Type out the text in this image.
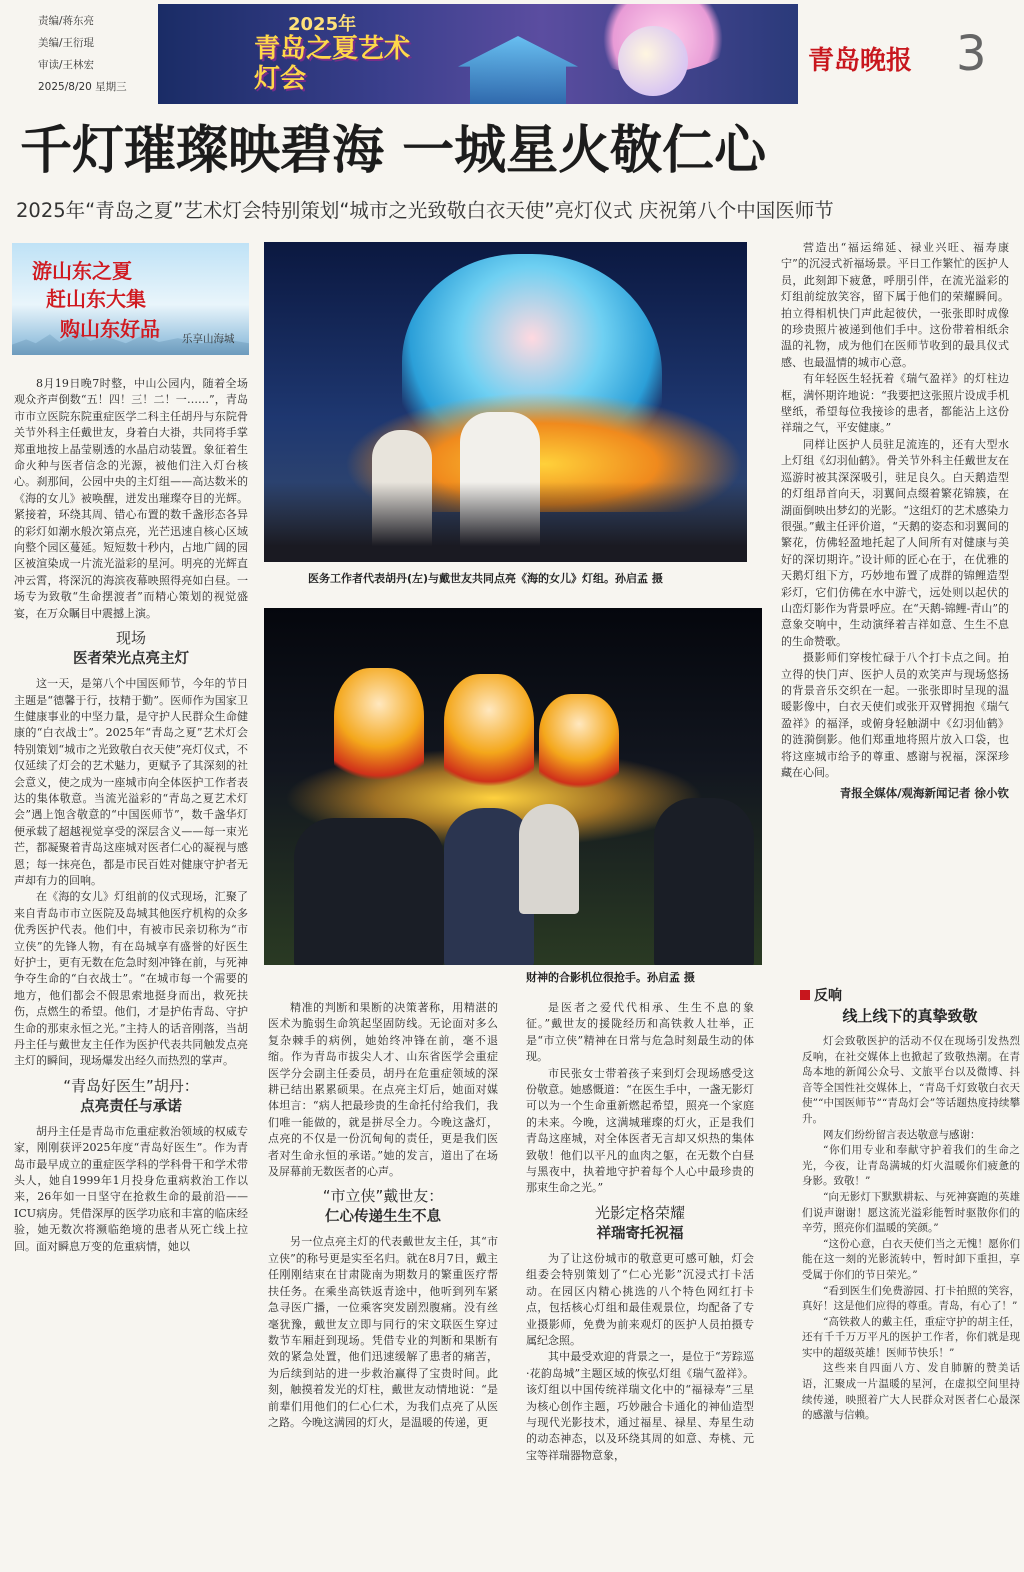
责编/蒋东亮
美编/王衍琨
审读/王林宏
2025/8/20 星期三
2025年
青岛之夏艺术灯会
青岛晚报 3
千灯璀璨映碧海 一城星火敬仁心
2025年“青岛之夏”艺术灯会特别策划“城市之光致敬白衣天使”亮灯仪式 庆祝第八个中国医师节
游山东之夏
赶山东大集
购山东好品 乐享山海城

8月19日晚7时整，中山公园内，随着全场观众齐声倒数“五！四！三！二！一……”，青岛市市立医院东院重症医学二科主任胡丹与东院骨关节外科主任戴世友，身着白大褂，共同将手掌郑重地按上晶莹剔透的水晶启动装置。象征着生命火种与医者信念的光源，被他们注入灯台核心。刹那间，公园中央的主灯组——高达数米的《海的女儿》被唤醒，迸发出璀璨夺目的光辉。紧接着，环绕其周、错心布置的数千盏形态各异的彩灯如潮水般次第点亮，光芒迅速自核心区域向整个园区蔓延。短短数十秒内，占地广阔的园区被渲染成一片流光溢彩的星河。明亮的光辉直冲云霄，将深沉的海滨夜幕映照得亮如白昼。一场专为致敬“生命摆渡者”而精心策划的视觉盛宴，在万众瞩目中震撼上演。

现场
医者荣光点亮主灯

这一天，是第八个中国医师节，今年的节日主题是“德馨于行，技精于勤”。医师作为国家卫生健康事业的中坚力量，是守护人民群众生命健康的“白衣战士”。2025年“青岛之夏”艺术灯会特别策划“城市之光致敬白衣天使”亮灯仪式，不仅延续了灯会的艺术魅力，更赋予了其深刻的社会意义，使之成为一座城市向全体医护工作者表达的集体敬意。当流光溢彩的“青岛之夏艺术灯会”遇上饱含敬意的“中国医师节”，数千盏华灯便承载了超越视觉享受的深层含义——每一束光芒，都凝聚着青岛这座城对医者仁心的凝视与感恩；每一抹亮色，都是市民百姓对健康守护者无声却有力的回响。

在《海的女儿》灯组前的仪式现场，汇聚了来自青岛市市立医院及岛城其他医疗机构的众多优秀医护代表。他们中，有被市民亲切称为“市立侠”的先锋人物，有在岛城享有盛誉的好医生好护士，更有无数在危急时刻冲锋在前，与死神争夺生命的“白衣战士”。“在城市每一个需要的地方，他们都会不假思索地挺身而出，救死扶伤，点燃生的希望。他们，才是护佑青岛、守护生命的那束永恒之光。”主持人的话音刚落，当胡丹主任与戴世友主任作为医护代表共同触发点亮主灯的瞬间，现场爆发出经久而热烈的掌声。

“青岛好医生”胡丹：
点亮责任与承诺

胡丹主任是青岛市危重症救治领域的权威专家，刚刚获评2025年度“青岛好医生”。作为青岛市最早成立的重症医学科的学科骨干和学术带头人，她自1999年1月投身危重病救治工作以来，26年如一日坚守在抢救生命的最前沿——ICU病房。凭借深厚的医学功底和丰富的临床经验，她无数次将濒临绝境的患者从死亡线上拉回。面对瞬息万变的危重病情，她以

医务工作者代表胡丹(左)与戴世友共同点亮《海的女儿》灯组。孙启孟 摄
财神的合影机位很抢手。孙启孟 摄

精准的判断和果断的决策著称，用精湛的医术为脆弱生命筑起坚固防线。无论面对多么复杂棘手的病例，她始终冲锋在前，毫不退缩。作为青岛市拔尖人才、山东省医学会重症医学分会副主任委员，胡丹在危重症领域的深耕已结出累累硕果。在点亮主灯后，她面对媒体坦言：“病人把最珍贵的生命托付给我们，我们唯一能做的，就是拼尽全力。今晚这盏灯，点亮的不仅是一份沉甸甸的责任，更是我们医者对生命永恒的承诺。”她的发言，道出了在场及屏幕前无数医者的心声。

“市立侠”戴世友：
仁心传递生生不息

另一位点亮主灯的代表戴世友主任，其“市立侠”的称号更是实至名归。就在8月7日，戴主任刚刚结束在甘肃陇南为期数月的繁重医疗帮扶任务。在乘坐高铁返青途中，他听到列车紧急寻医广播，一位乘客突发剧烈腹痛。没有丝毫犹豫，戴世友立即与同行的宋文联医生穿过数节车厢赶到现场。凭借专业的判断和果断有效的紧急处置，他们迅速缓解了患者的痛苦，为后续到站的进一步救治赢得了宝贵时间。此刻，触摸着发光的灯柱，戴世友动情地说：“是前辈们用他们的仁心仁术，为我们点亮了从医之路。今晚这满园的灯火，是温暖的传递，更

是医者之爱代代相承、生生不息的象征。”戴世友的援陇经历和高铁救人壮举，正是“市立侠”精神在日常与危急时刻最生动的体现。

市民张女士带着孩子来到灯会现场感受这份敬意。她感慨道：“在医生手中，一盏无影灯可以为一个生命重新燃起希望，照亮一个家庭的未来。今晚，这满城璀璨的灯火，正是我们青岛这座城，对全体医者无言却又炽热的集体致敬！他们以平凡的血肉之躯，在无数个白昼与黑夜中，执着地守护着每个人心中最珍贵的那束生命之光。”

光影定格荣耀
祥瑞寄托祝福

为了让这份城市的敬意更可感可触，灯会组委会特别策划了“仁心光影”沉浸式打卡活动。在园区内精心挑选的八个特色网红打卡点，包括核心灯组和最佳观景位，均配备了专业摄影师，免费为前来观灯的医护人员拍摄专属纪念照。

其中最受欢迎的背景之一，是位于“芳踪巡·花韵岛城”主题区域的恢弘灯组《瑞气盈祥》。该灯组以中国传统祥瑞文化中的“福禄寿”三星为核心创作主题，巧妙融合卡通化的神仙造型与现代光影技术，通过福星、禄星、寿星生动的动态神态，以及环绕其周的如意、寿桃、元宝等祥瑞器物意象，

营造出“福运绵延、禄业兴旺、福寿康宁”的沉浸式祈福场景。平日工作繁忙的医护人员，此刻卸下疲惫，呼朋引伴，在流光溢彩的灯组前绽放笑容，留下属于他们的荣耀瞬间。拍立得相机快门声此起彼伏，一张张即时成像的珍贵照片被递到他们手中。这份带着相纸余温的礼物，成为他们在医师节收到的最具仪式感、也最温情的城市心意。

有年轻医生轻抚着《瑞气盈祥》的灯柱边框，满怀期许地说：“我要把这张照片设成手机壁纸，希望每位我接诊的患者，都能沾上这份祥瑞之气，平安健康。”

同样让医护人员驻足流连的，还有大型水上灯组《幻羽仙鹤》。骨关节外科主任戴世友在巡游时被其深深吸引，驻足良久。白天鹅造型的灯组昂首向天，羽翼间点缀着繁花锦簇，在湖面倒映出梦幻的光影。“这组灯的艺术感染力很强。”戴主任评价道，“天鹅的姿态和羽翼间的繁花，仿佛轻盈地托起了人间所有对健康与美好的深切期许。”设计师的匠心在于，在优雅的天鹅灯组下方，巧妙地布置了成群的锦鲤造型彩灯，它们仿佛在水中游弋，远处则以起伏的山峦灯影作为背景呼应。在“天鹅-锦鲤-青山”的意象交响中，生动演绎着吉祥如意、生生不息的生命赞歌。

摄影师们穿梭忙碌于八个打卡点之间。拍立得的快门声、医护人员的欢笑声与现场悠扬的背景音乐交织在一起。一张张即时呈现的温暖影像中，白衣天使们或张开双臂拥抱《瑞气盈祥》的福泽，或俯身轻触湖中《幻羽仙鹤》的涟漪倒影。他们郑重地将照片放入口袋，也将这座城市给予的尊重、感谢与祝福，深深珍藏在心间。

青报全媒体/观海新闻记者 徐小钦
反响
线上线下的真挚致敬

灯会致敬医护的活动不仅在现场引发热烈反响，在社交媒体上也掀起了致敬热潮。在青岛本地的新闻公众号、文旅平台以及微博、抖音等全国性社交媒体上，“青岛千灯致敬白衣天使”“中国医师节”“青岛灯会”等话题热度持续攀升。

网友们纷纷留言表达敬意与感谢：

“你们用专业和奉献守护着我们的生命之光，今夜，让青岛满城的灯火温暖你们疲惫的身影。致敬！”

“向无影灯下默默耕耘、与死神赛跑的英雄们说声谢谢！愿这流光溢彩能暂时驱散你们的辛劳，照亮你们温暖的笑颜。”

“这份心意，白衣天使们当之无愧！愿你们能在这一刻的光影流转中，暂时卸下重担，享受属于你们的节日荣光。”

“看到医生们免费游园、打卡拍照的笑容，真好！这是他们应得的尊重。青岛，有心了！”

“高铁救人的戴主任，重症守护的胡主任，还有千千万万平凡的医护工作者，你们就是现实中的超级英雄！医师节快乐！”

这些来自四面八方、发自肺腑的赞美话语，汇聚成一片温暖的星河，在虚拟空间里持续传递，映照着广大人民群众对医者仁心最深的感激与信赖。
